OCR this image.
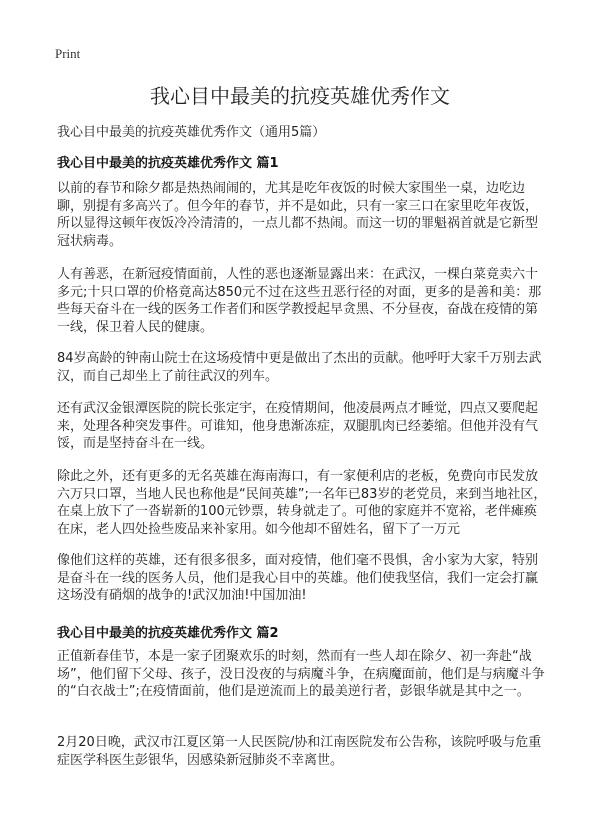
Print
我心目中最美的抗疫英雄优秀作文
我心目中最美的抗疫英雄优秀作文（通用5篇）
我心目中最美的抗疫英雄优秀作文 篇1
以前的春节和除夕都是热热闹闹的，尤其是吃年夜饭的时候大家围坐一桌，边吃边聊，别提有多高兴了。但今年的春节，并不是如此，只有一家三口在家里吃年夜饭，所以显得这顿年夜饭冷冷清清的，一点儿都不热闹。而这一切的罪魁祸首就是它新型冠状病毒。
人有善恶，在新冠疫情面前，人性的恶也逐渐显露出来：在武汉，一棵白菜竟卖六十多元;十只口罩的价格竟高达850元不过在这些丑恶行径的对面，更多的是善和美：那些每天奋斗在一线的医务工作者们和医学教授起早贪黑、不分昼夜，奋战在疫情的第一线，保卫着人民的健康。
84岁高龄的钟南山院士在这场疫情中更是做出了杰出的贡献。他呼吁大家千万别去武汉，而自己却坐上了前往武汉的列车。
还有武汉金银潭医院的院长张定宇，在疫情期间，他凌晨两点才睡觉，四点又要爬起来，处理各种突发事件。可谁知，他身患渐冻症，双腿肌肉已经萎缩。但他并没有气馁，而是坚持奋斗在一线。
除此之外，还有更多的无名英雄在海南海口，有一家便利店的老板，免费向市民发放六万只口罩，当地人民也称他是“民间英雄”;一名年已83岁的老党员，来到当地社区，在桌上放下了一沓崭新的100元钞票，转身就走了。可他的家庭并不宽裕，老伴瘫痪在床，老人四处捡些废品来补家用。如今他却不留姓名，留下了一万元
像他们这样的英雄，还有很多很多，面对疫情，他们毫不畏惧，舍小家为大家，特别是奋斗在一线的医务人员，他们是我心目中的英雄。他们使我坚信，我们一定会打赢这场没有硝烟的战争的!武汉加油!中国加油!
我心目中最美的抗疫英雄优秀作文 篇2
正值新春佳节，本是一家子团聚欢乐的时刻，然而有一些人却在除夕、初一奔赴“战场”，他们留下父母、孩子，没日没夜的与病魔斗争，在病魔面前，他们是与病魔斗争的“白衣战士”;在疫情面前，他们是逆流而上的最美逆行者，彭银华就是其中之一。
2月20日晚，武汉市江夏区第一人民医院/协和江南医院发布公告称，该院呼吸与危重症医学科医生彭银华，因感染新冠肺炎不幸离世。
